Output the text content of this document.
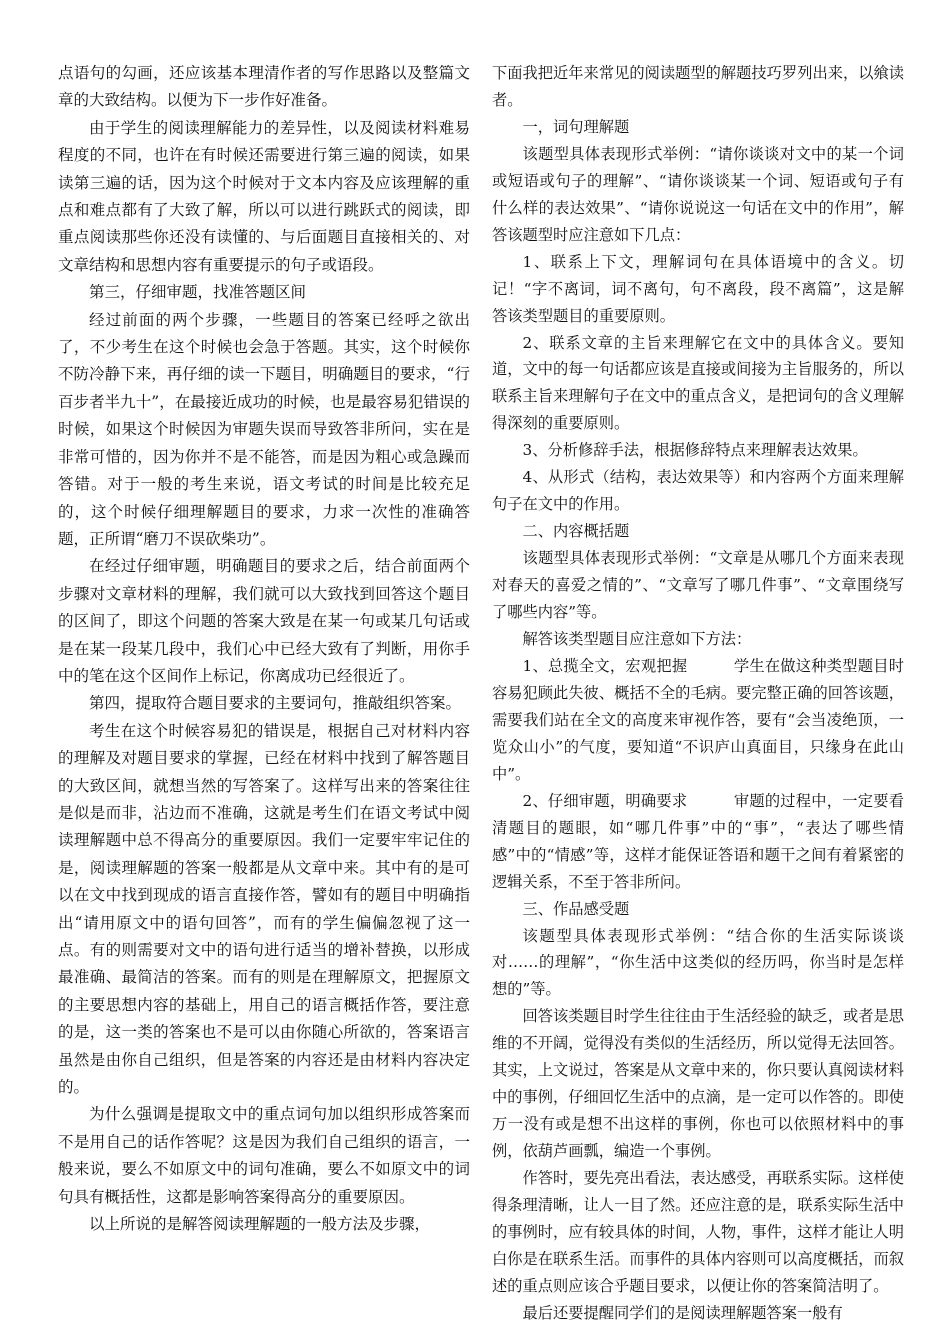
点语句的勾画，还应该基本理清作者的写作思路以及整篇文章的大致结构。以便为下一步作好准备。

由于学生的阅读理解能力的差异性，以及阅读材料难易程度的不同，也许在有时候还需要进行第三遍的阅读，如果读第三遍的话，因为这个时候对于文本内容及应该理解的重点和难点都有了大致了解，所以可以进行跳跃式的阅读，即重点阅读那些你还没有读懂的、与后面题目直接相关的、对文章结构和思想内容有重要提示的句子或语段。

第三，仔细审题，找准答题区间

经过前面的两个步骤，一些题目的答案已经呼之欲出了，不少考生在这个时候也会急于答题。其实，这个时候你不防冷静下来，再仔细的读一下题目，明确题目的要求，“行百步者半九十”，在最接近成功的时候，也是最容易犯错误的时候，如果这个时候因为审题失误而导致答非所问，实在是非常可惜的，因为你并不是不能答，而是因为粗心或急躁而答错。对于一般的考生来说，语文考试的时间是比较充足的，这个时候仔细理解题目的要求，力求一次性的准确答题，正所谓“磨刀不误砍柴功”。

在经过仔细审题，明确题目的要求之后，结合前面两个步骤对文章材料的理解，我们就可以大致找到回答这个题目的区间了，即这个问题的答案大致是在某一句或某几句话或是在某一段某几段中，我们心中已经大致有了判断，用你手中的笔在这个区间作上标记，你离成功已经很近了。

第四，提取符合题目要求的主要词句，推敲组织答案。

考生在这个时候容易犯的错误是，根据自己对材料内容的理解及对题目要求的掌握，已经在材料中找到了解答题目的大致区间，就想当然的写答案了。这样写出来的答案往往是似是而非，沾边而不准确，这就是考生们在语文考试中阅读理解题中总不得高分的重要原因。我们一定要牢牢记住的是，阅读理解题的答案一般都是从文章中来。其中有的是可以在文中找到现成的语言直接作答，譬如有的题目中明确指出“请用原文中的语句回答”，而有的学生偏偏忽视了这一点。有的则需要对文中的语句进行适当的增补替换，以形成最准确、最简洁的答案。而有的则是在理解原文，把握原文的主要思想内容的基础上，用自己的语言概括作答，要注意的是，这一类的答案也不是可以由你随心所欲的，答案语言虽然是由你自己组织，但是答案的内容还是由材料内容决定的。

为什么强调是提取文中的重点词句加以组织形成答案而不是用自己的话作答呢？这是因为我们自己组织的语言，一般来说，要么不如原文中的词句准确，要么不如原文中的词句具有概括性，这都是影响答案得高分的重要原因。

以上所说的是解答阅读理解题的一般方法及步骤，

下面我把近年来常见的阅读题型的解题技巧罗列出来，以飨读者。

一，词句理解题

该题型具体表现形式举例：“请你谈谈对文中的某一个词或短语或句子的理解”、“请你谈谈某一个词、短语或句子有什么样的表达效果”、“请你说说这一句话在文中的作用”，解答该题型时应注意如下几点：

1、联系上下文，理解词句在具体语境中的含义。切记！“字不离词，词不离句，句不离段，段不离篇”，这是解答该类型题目的重要原则。

2、联系文章的主旨来理解它在文中的具体含义。要知道，文中的每一句话都应该是直接或间接为主旨服务的，所以联系主旨来理解句子在文中的重点含义，是把词句的含义理解得深刻的重要原则。

3、分析修辞手法，根据修辞特点来理解表达效果。

4、从形式（结构，表达效果等）和内容两个方面来理解句子在文中的作用。

二、内容概括题

该题型具体表现形式举例：“文章是从哪几个方面来表现对春天的喜爱之情的”、“文章写了哪几件事”、“文章围绕写了哪些内容”等。

解答该类型题目应注意如下方法：

1、总揽全文，宏观把握　　　学生在做这种类型题目时容易犯顾此失彼、概括不全的毛病。要完整正确的回答该题，需要我们站在全文的高度来审视作答，要有“会当凌绝顶，一览众山小”的气度，要知道“不识庐山真面目，只缘身在此山中”。

2、仔细审题，明确要求　　　审题的过程中，一定要看清题目的题眼，如“哪几件事”中的“事”，“表达了哪些情感”中的“情感”等，这样才能保证答语和题干之间有着紧密的逻辑关系，不至于答非所问。

三、作品感受题

该题型具体表现形式举例：“结合你的生活实际谈谈对……的理解”，“你生活中这类似的经历吗，你当时是怎样想的”等。

回答该类题目时学生往往由于生活经验的缺乏，或者是思维的不开阔，觉得没有类似的生活经历，所以觉得无法回答。其实，上文说过，答案是从文章中来的，你只要认真阅读材料中的事例，仔细回忆生活中的点滴，是一定可以作答的。即使万一没有或是想不出这样的事例，你也可以依照材料中的事例，依葫芦画瓢，编造一个事例。

作答时，要先亮出看法，表达感受，再联系实际。这样使得条理清晰，让人一目了然。还应注意的是，联系实际生活中的事例时，应有较具体的时间，人物，事件，这样才能让人明白你是在联系生活。而事件的具体内容则可以高度概括，而叙述的重点则应该合乎题目要求，以便让你的答案简洁明了。

最后还要提醒同学们的是阅读理解题答案一般有
